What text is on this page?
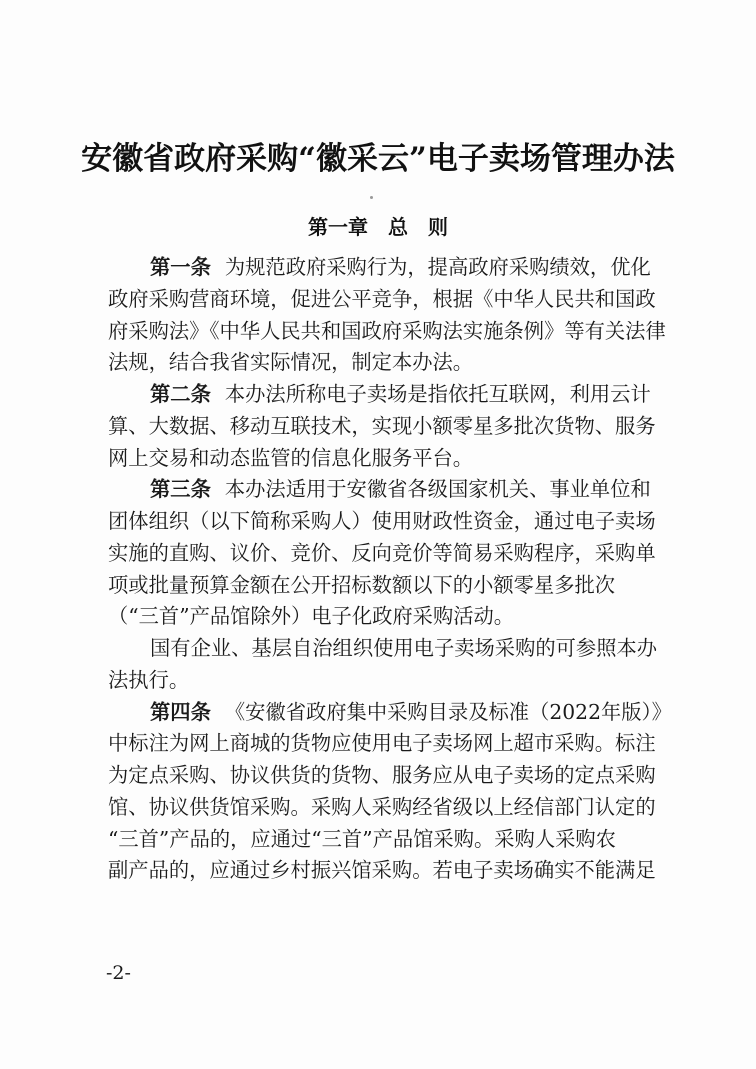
安徽省政府采购“徽采云”电子卖场管理办法
第一章　总　则
第一条 为规范政府采购行为，提高政府采购绩效，优化
政府采购营商环境，促进公平竞争，根据《中华人民共和国政
府采购法》《中华人民共和国政府采购法实施条例》等有关法律
法规，结合我省实际情况，制定本办法。
第二条 本办法所称电子卖场是指依托互联网，利用云计
算、大数据、移动互联技术，实现小额零星多批次货物、服务
网上交易和动态监管的信息化服务平台。
第三条 本办法适用于安徽省各级国家机关、事业单位和
团体组织（以下简称采购人）使用财政性资金，通过电子卖场
实施的直购、议价、竞价、反向竞价等简易采购程序，采购单
项或批量预算金额在公开招标数额以下的小额零星多批次
（“三首”产品馆除外）电子化政府采购活动。
国有企业、基层自治组织使用电子卖场采购的可参照本办
法执行。
第四条 《安徽省政府集中采购目录及标准（2022年版）》
中标注为网上商城的货物应使用电子卖场网上超市采购。标注
为定点采购、协议供货的货物、服务应从电子卖场的定点采购
馆、协议供货馆采购。采购人采购经省级以上经信部门认定的
“三首”产品的，应通过“三首”产品馆采购。采购人采购农
副产品的，应通过乡村振兴馆采购。若电子卖场确实不能满足
-2-
